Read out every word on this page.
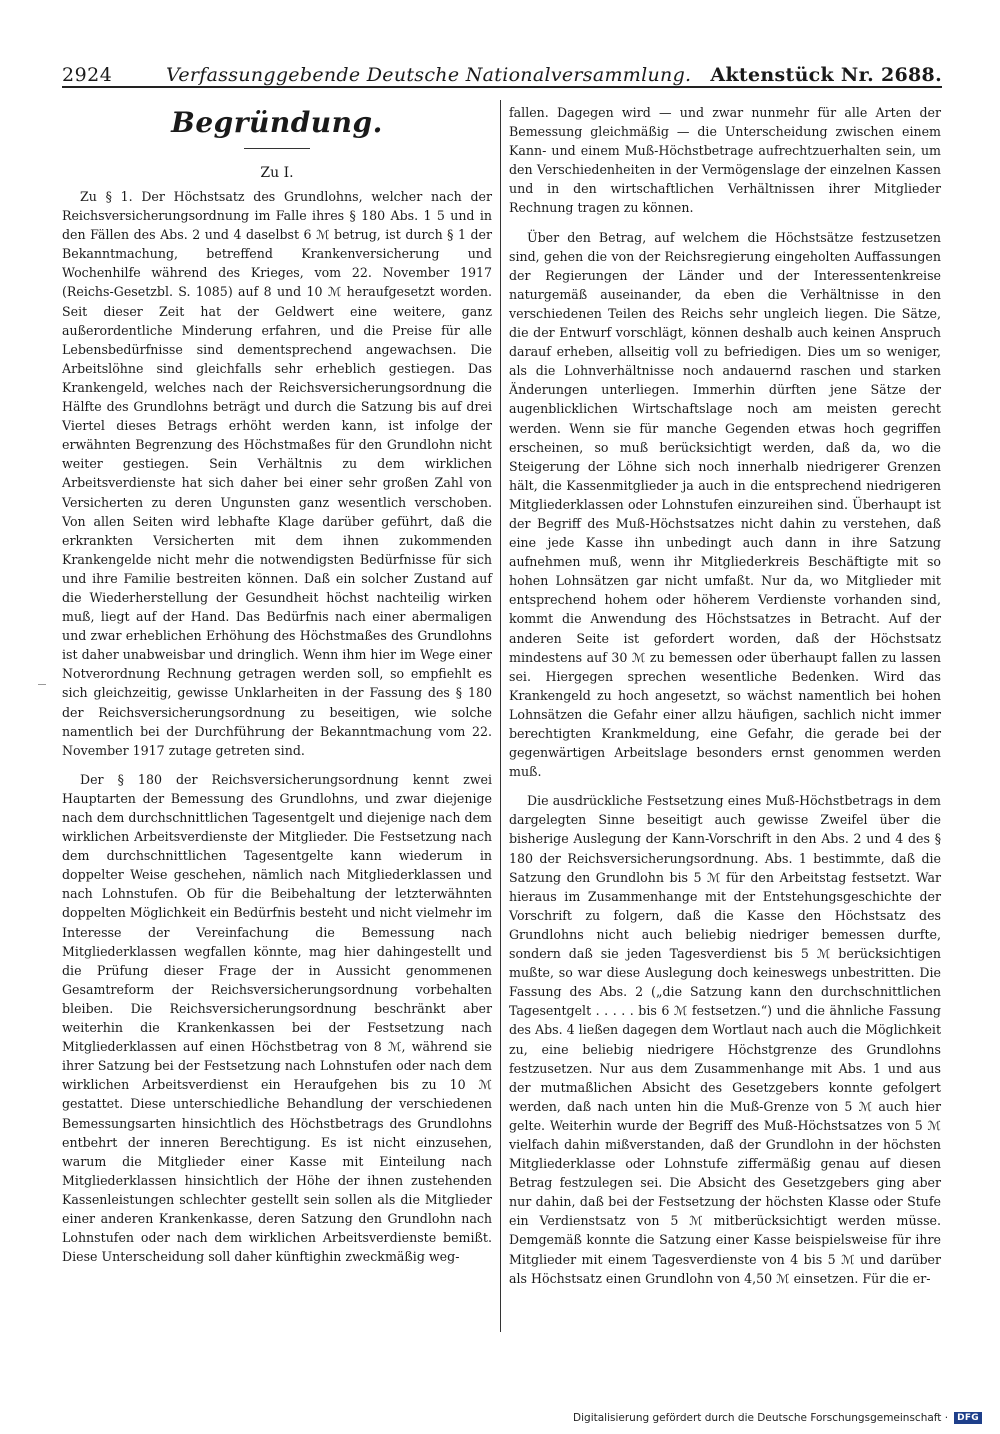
2924	Verfassunggebende Deutsche Nationalversammlung. Aktenstück Nr. 2688.
Begründung.
Zu I.

Zu § 1. Der Höchstsatz des Grundlohns, welcher nach der Reichsversicherungsordnung im Falle ihres § 180 Abs. 1 5 und in den Fällen des Abs. 2 und 4 daselbst 6 ℳ betrug, ist durch § 1 der Bekanntmachung, betreffend Krankenversicherung und Wochenhilfe während des Krieges, vom 22. November 1917 (Reichs-Gesetzbl. S. 1085) auf 8 und 10 ℳ heraufgesetzt worden. Seit dieser Zeit hat der Geldwert eine weitere, ganz außerordentliche Minderung erfahren, und die Preise für alle Lebensbedürfnisse sind dementsprechend angewachsen. Die Arbeitslöhne sind gleichfalls sehr erheblich gestiegen. Das Krankengeld, welches nach der Reichsversicherungsordnung die Hälfte des Grundlohns beträgt und durch die Satzung bis auf drei Viertel dieses Betrags erhöht werden kann, ist infolge der erwähnten Begrenzung des Höchstmaßes für den Grundlohn nicht weiter gestiegen. Sein Verhältnis zu dem wirklichen Arbeitsverdienste hat sich daher bei einer sehr großen Zahl von Versicherten zu deren Ungunsten ganz wesentlich verschoben. Von allen Seiten wird lebhafte Klage darüber geführt, daß die erkrankten Versicherten mit dem ihnen zukommenden Krankengelde nicht mehr die notwendigsten Bedürfnisse für sich und ihre Familie bestreiten können. Daß ein solcher Zustand auf die Wiederherstellung der Gesundheit höchst nachteilig wirken muß, liegt auf der Hand. Das Bedürfnis nach einer abermaligen und zwar erheblichen Erhöhung des Höchstmaßes des Grundlohns ist daher unabweisbar und dringlich. Wenn ihm hier im Wege einer Notverordnung Rechnung getragen werden soll, so empfiehlt es sich gleichzeitig, gewisse Unklarheiten in der Fassung des § 180 der Reichsversicherungsordnung zu beseitigen, wie solche namentlich bei der Durchführung der Bekanntmachung vom 22. November 1917 zutage getreten sind.

Der § 180 der Reichsversicherungsordnung kennt zwei Hauptarten der Bemessung des Grundlohns, und zwar diejenige nach dem durchschnittlichen Tagesentgelt und diejenige nach dem wirklichen Arbeitsverdienste der Mitglieder. Die Festsetzung nach dem durchschnittlichen Tagesentgelte kann wiederum in doppelter Weise geschehen, nämlich nach Mitgliederklassen und nach Lohnstufen. Ob für die Beibehaltung der letzterwähnten doppelten Möglichkeit ein Bedürfnis besteht und nicht vielmehr im Interesse der Vereinfachung die Bemessung nach Mitgliederklassen wegfallen könnte, mag hier dahingestellt und die Prüfung dieser Frage der in Aussicht genommenen Gesamtreform der Reichsversicherungsordnung vorbehalten bleiben. Die Reichsversicherungsordnung beschränkt aber weiterhin die Krankenkassen bei der Festsetzung nach Mitgliederklassen auf einen Höchstbetrag von 8 ℳ, während sie ihrer Satzung bei der Festsetzung nach Lohnstufen oder nach dem wirklichen Arbeitsverdienst ein Heraufgehen bis zu 10 ℳ gestattet. Diese unterschiedliche Behandlung der verschiedenen Bemessungsarten hinsichtlich des Höchstbetrags des Grundlohns entbehrt der inneren Berechtigung. Es ist nicht einzusehen, warum die Mitglieder einer Kasse mit Einteilung nach Mitgliederklassen hinsichtlich der Höhe der ihnen zustehenden Kassenleistungen schlechter gestellt sein sollen als die Mitglieder einer anderen Krankenkasse, deren Satzung den Grundlohn nach Lohnstufen oder nach dem wirklichen Arbeitsverdienste bemißt. Diese Unterscheidung soll daher künftighin zweckmäßig weg-

fallen. Dagegen wird — und zwar nunmehr für alle Arten der Bemessung gleichmäßig — die Unterscheidung zwischen einem Kann- und einem Muß-Höchstbetrage aufrechtzuerhalten sein, um den Verschiedenheiten in der Vermögenslage der einzelnen Kassen und in den wirtschaftlichen Verhältnissen ihrer Mitglieder Rechnung tragen zu können.

Über den Betrag, auf welchem die Höchstsätze festzusetzen sind, gehen die von der Reichsregierung eingeholten Auffassungen der Regierungen der Länder und der Interessentenkreise naturgemäß auseinander, da eben die Verhältnisse in den verschiedenen Teilen des Reichs sehr ungleich liegen. Die Sätze, die der Entwurf vorschlägt, können deshalb auch keinen Anspruch darauf erheben, allseitig voll zu befriedigen. Dies um so weniger, als die Lohnverhältnisse noch andauernd raschen und starken Änderungen unterliegen. Immerhin dürften jene Sätze der augenblicklichen Wirtschaftslage noch am meisten gerecht werden. Wenn sie für manche Gegenden etwas hoch gegriffen erscheinen, so muß berücksichtigt werden, daß da, wo die Steigerung der Löhne sich noch innerhalb niedrigerer Grenzen hält, die Kassenmitglieder ja auch in die entsprechend niedrigeren Mitgliederklassen oder Lohnstufen einzureihen sind. Überhaupt ist der Begriff des Muß-Höchstsatzes nicht dahin zu verstehen, daß eine jede Kasse ihn unbedingt auch dann in ihre Satzung aufnehmen muß, wenn ihr Mitgliederkreis Beschäftigte mit so hohen Lohnsätzen gar nicht umfaßt. Nur da, wo Mitglieder mit entsprechend hohem oder höherem Verdienste vorhanden sind, kommt die Anwendung des Höchstsatzes in Betracht. Auf der anderen Seite ist gefordert worden, daß der Höchstsatz mindestens auf 30 ℳ zu bemessen oder überhaupt fallen zu lassen sei. Hiergegen sprechen wesentliche Bedenken. Wird das Krankengeld zu hoch angesetzt, so wächst namentlich bei hohen Lohnsätzen die Gefahr einer allzu häufigen, sachlich nicht immer berechtigten Krankmeldung, eine Gefahr, die gerade bei der gegenwärtigen Arbeitslage besonders ernst genommen werden muß.

Die ausdrückliche Festsetzung eines Muß-Höchstbetrags in dem dargelegten Sinne beseitigt auch gewisse Zweifel über die bisherige Auslegung der Kann-Vorschrift in den Abs. 2 und 4 des § 180 der Reichsversicherungsordnung. Abs. 1 bestimmte, daß die Satzung den Grundlohn bis 5 ℳ für den Arbeitstag festsetzt. War hieraus im Zusammenhange mit der Entstehungsgeschichte der Vorschrift zu folgern, daß die Kasse den Höchstsatz des Grundlohns nicht auch beliebig niedriger bemessen durfte, sondern daß sie jeden Tagesverdienst bis 5 ℳ berücksichtigen mußte, so war diese Auslegung doch keineswegs unbestritten. Die Fassung des Abs. 2 („die Satzung kann den durchschnittlichen Tagesentgelt . . . . . bis 6 ℳ festsetzen.“) und die ähnliche Fassung des Abs. 4 ließen dagegen dem Wortlaut nach auch die Möglichkeit zu, eine beliebig niedrigere Höchstgrenze des Grundlohns festzusetzen. Nur aus dem Zusammenhange mit Abs. 1 und aus der mutmaßlichen Absicht des Gesetzgebers konnte gefolgert werden, daß nach unten hin die Muß-Grenze von 5 ℳ auch hier gelte. Weiterhin wurde der Begriff des Muß-Höchstsatzes von 5 ℳ vielfach dahin mißverstanden, daß der Grundlohn in der höchsten Mitgliederklasse oder Lohnstufe ziffermäßig genau auf diesen Betrag festzulegen sei. Die Absicht des Gesetzgebers ging aber nur dahin, daß bei der Festsetzung der höchsten Klasse oder Stufe ein Verdienstsatz von 5 ℳ mitberücksichtigt werden müsse. Demgemäß konnte die Satzung einer Kasse beispielsweise für ihre Mitglieder mit einem Tagesverdienste von 4 bis 5 ℳ und darüber als Höchstsatz einen Grundlohn von 4,50 ℳ einsetzen. Für die er-

Digitalisierung gefördert durch die Deutsche Forschungsgemeinschaft ·	DFG
